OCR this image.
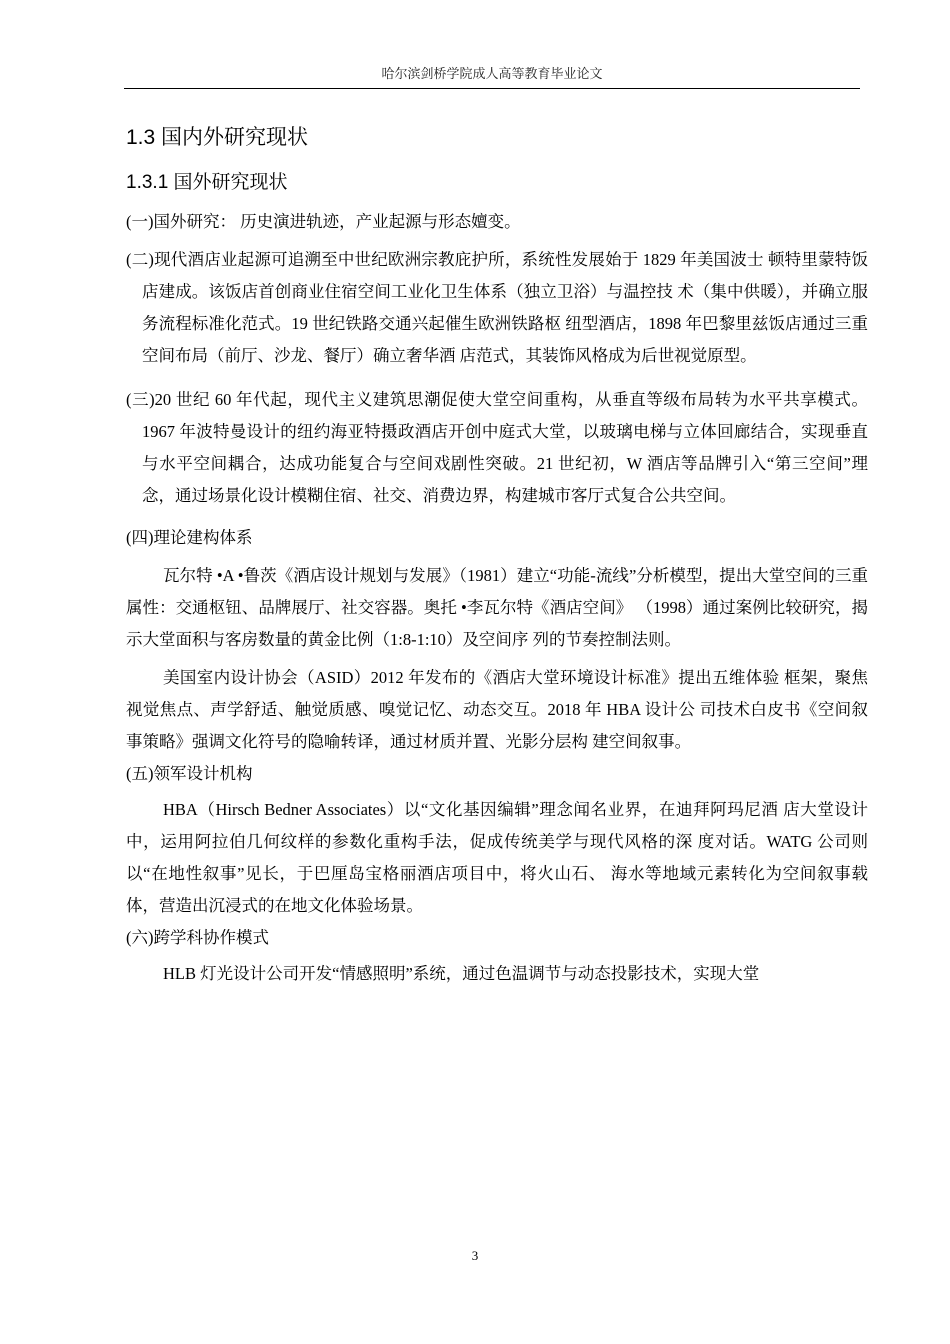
哈尔滨剑桥学院成人高等教育毕业论文
1.3 国内外研究现状
1.3.1 国外研究现状

(一)国外研究： 历史演进轨迹，产业起源与形态嬗变。

(二)现代酒店业起源可追溯至中世纪欧洲宗教庇护所，系统性发展始于 1829 年美国波士 顿特里蒙特饭店建成。该饭店首创商业住宿空间工业化卫生体系（独立卫浴）与温控技 术（集中供暖），并确立服务流程标准化范式。19 世纪铁路交通兴起催生欧洲铁路枢 纽型酒店，1898 年巴黎里兹饭店通过三重空间布局（前厅、沙龙、餐厅）确立奢华酒 店范式，其装饰风格成为后世视觉原型。

(三)20 世纪 60 年代起，现代主义建筑思潮促使大堂空间重构，从垂直等级布局转为水平共享模式。1967 年波特曼设计的纽约海亚特摄政酒店开创中庭式大堂，以玻璃电梯与立体回廊结合，实现垂直与水平空间耦合，达成功能复合与空间戏剧性突破。21 世纪初，W 酒店等品牌引入“第三空间”理念，通过场景化设计模糊住宿、社交、消费边界，构建城市客厅式复合公共空间。

(四)理论建构体系

瓦尔特 •A •鲁茨《酒店设计规划与发展》（1981）建立“功能-流线”分析模型，提出大堂空间的三重属性：交通枢钮、品牌展厅、社交容器。奥托 •李瓦尔特《酒店空间》 （1998）通过案例比较研究，揭示大堂面积与客房数量的黄金比例（1:8-1:10）及空间序 列的节奏控制法则。

美国室内设计协会（ASID）2012 年发布的《酒店大堂环境设计标准》提出五维体验 框架，聚焦视觉焦点、声学舒适、触觉质感、嗅觉记忆、动态交互。2018 年 HBA 设计公 司技术白皮书《空间叙事策略》强调文化符号的隐喻转译，通过材质并置、光影分层构 建空间叙事。

(五)领军设计机构

HBA（Hirsch Bedner Associates）以“文化基因编辑”理念闻名业界，在迪拜阿玛尼酒 店大堂设计中，运用阿拉伯几何纹样的参数化重构手法，促成传统美学与现代风格的深 度对话。WATG 公司则以“在地性叙事”见长，于巴厘岛宝格丽酒店项目中，将火山石、 海水等地域元素转化为空间叙事载体，营造出沉浸式的在地文化体验场景。

(六)跨学科协作模式

HLB 灯光设计公司开发“情感照明”系统，通过色温调节与动态投影技术，实现大堂

3
